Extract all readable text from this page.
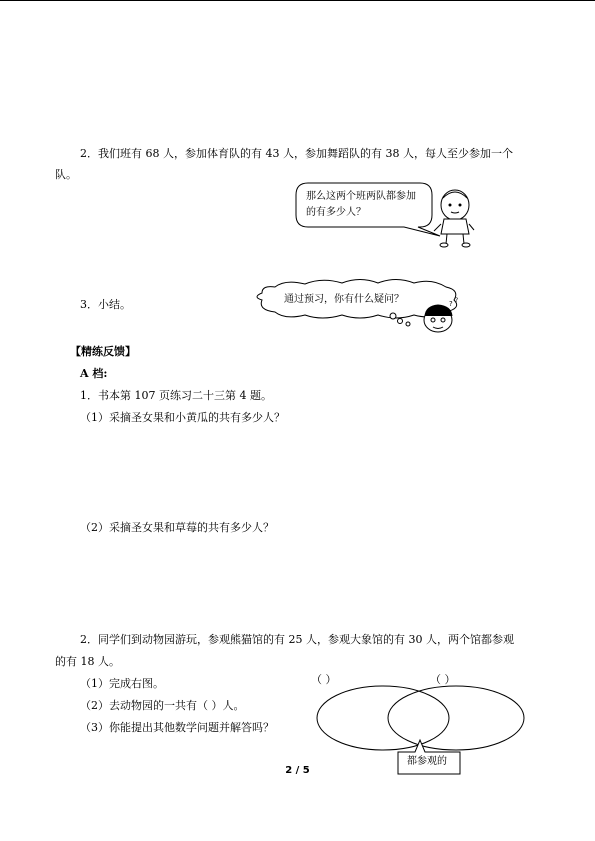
2．我们班有 68 人，参加体育队的有 43 人，参加舞蹈队的有 38 人，每人至少参加一个
队。
? ?
那么这两个班两队都参加
的有多少人？
3．小结。	通过预习，你有什么疑问？
【精练反馈】
A 档:
1．书本第 107 页练习二十三第 4 题。
（1）采摘圣女果和小黄瓜的共有多少人？
（2）采摘圣女果和草莓的共有多少人？
2．同学们到动物园游玩，参观熊猫馆的有 25 人，参观大象馆的有 30 人，两个馆都参观
的有 18 人。
（1）完成右图。
（2）去动物园的一共有（ ）人。
（3）你能提出其他数学问题并解答吗？
（ ）	（ ）
都参观的
2 / 5
